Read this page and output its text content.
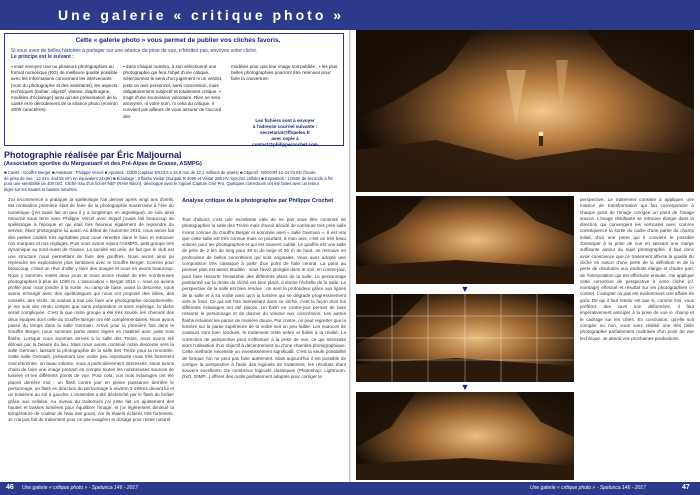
Une galerie « critique photo »
Cette « galerie photo » vous permet de publier vos clichés favoris.
Si vous avez de belles histoires à partager sur une séance de prise de vue, n'hésitez pas, envoyez votre cliché.
Le principe est le suivant :
▪ vous envoyez une ou plusieurs photographies au format numérique (RG) de meilleure qualité possible avec les informations concernant les intervenants (nom du photographe et des assistants), les aspects techniques (boîtier, objectif, vitesse, diaphragme, modèles d'éclairage) ainsi qu'une présentation de la cavité et le déroulement de la séance photo (environ 2000 caractères).
▪ dans chaque numéro, à son sélectionné une photographie qui fera l'objet d'une critique. Sélectionnez le sens d'un jugement ni un verdict, juste un avis personnel, sans concession, mais obligatoirement subjectif et totalement critique. ▪ s'agit d'une soumission volontaire. Rien ne sera anonyme, ni votre nom, ni celui du critique. Il convient par ailleurs de vous assurer de l'accord des
modèles pour que leur image soit publiée ; ▪ les plus belles photographies pourront être retenues pour faire la couverture.
Les fichiers sont à envoyer
à l'adresse courriel suivante :
secretariat@ffspeleo.fr
avec copie à
contact@philippecrochet.com
Photographie réalisée par Éric Maljournal
(Association sportive du Margueuaril et des Pré-Alpes de Grasse, ASMPG)
■ Cavité : Gouffre Berger ■ Assistant : Philippe Vercel ■ Appareil : D300 (capteur DX23,6 x 15,8 mm de 12,1 millions de pixels) ■ Objectif : NIKKOR 12-24 f/4 ED (focale
de prise de vue : 12 mm, soit 18 mm en équivalent 24x36) ■ Éclairage : 3 flashs Vivitar (Sunpak R-4000 et Vivitar 285 HV, synchro cellule) ■ Exposition : 1/250e de seconde à f/8
pour une sensibilité de 400 ISO. Cliché issu d'un fichier NEF (RAW Nikon), développé avec le logiciel Capture One Pro. Quelques corrections ont été faites avec un retour
léger sur les hautes et basses lumières.
J'ai recommencé à pratiquer la spéléologie l'an dernier après vingt ans d'arrêt. Ma motivation première était de faire de la photographie souterraine à l'ère du numérique (j'en avais fait un peu il y a longtemps en argentique). Je suis ainsi retourné sous terre avec Philippe Vercel avec lequel j'avais fait beaucoup de spéléologie à l'époque et qui était très heureux également de reprendre du service, étant photographe lui aussi. Au début de l'automne 2016, nous avons fait des petites cavités très agréables pour nous remettre dans le bain et retrouver nos marques et nos réglages. Puis nous avons rejoint l'ASMPG, petit groupe très dynamique au nord-ouest de Grasse. La société est unie, de fait que le club est une structure nous permettant de faire des gouffres. Nous avons ainsi pu reprendre les explorations plus lointaines avec le Gouffre Berger. Comme pour beaucoup, c'était un rêve d'aller y faire des images et nous en avons beaucoup. Nous y sommes restés deux jours et nous avons réalisé de très nombreuses photographies à plus de 1000 m. L'association « Berger 2015 », nous en avions profité pour nous joindre à la sortie. Au camp de base, avant la descente, nous avons échangé avec des spéléologues qui nous ont proposé des idées, des conseils, des récits. Je voulais à tout prix faire une photographie exceptionnelle, je me suis vite rendu compte que sans préparation et sans repérage, la tâche serait compliquée. C'est là que notre groupe a été très soudé, les chemins des deux équipes dont celle du Gouffre Berger ont été complémentaires. Nous avons passé du temps dans la salle Germain. Arrivé pour la première fois dans le Gouffre Berger, nous sommes partis assez légers en matériel avec juste trois flashs. Lorsque nous sommes arrivés à la salle des Treize, nous avons été éblouis par la beauté du lieu. Mais nous avons continué notre descente vers la salle Germain, laissant la photographie de la salle des Treize pour la remontée. Cette salle Germain, présentant une voûte peu importante mais très fortement concrétionnée, un beau volume, nous a particulièrement intéressés. Nous avons choisi de faire une image prenant en compte toutes les nombreuses sources de lumière et les différents points de vue. Pour cela, nos trois éclairages ont été placés derrière moi : un flash contre jour en pleine puissance derrière le personnage, un flash en direction du personnage à environ 3 mètres devant lui et un troisième au sol à gauche. L'ensemble a été déclenché par le flash du boîtier grâce aux cellules. Au niveau du traitement j'ai juste fait un ajustement des hautes et basses lumières pour équilibrer l'image, et j'ai légèrement diminué la température de couleur de l'eau des gours, car ils étaient éclairés très fortement. Je n'ai pas fait de traitement pour ne pas exagérer le dosage pour rester naturel.
Analyse critique de la photographie par Philippe Crochet
Tout d'abord, c'est une excellente idée de ne pas vous être contenté de photographier la salle des Treize mais d'avoir décidé de continuer très près salle moins connue du Gouffre Berger et nommée ainsi « salle Germain ». Il est vrai que cette salle est très connue mais ce pourtant, à mon avis, c'est un très beau volume pour les photographes et qui est souvent oublié. Le gouffre est une salle de près de 2 km de long pour 30 m de large et 50 m de haut, on retrouve en profondeur de belles concrétions qui sont originales. Vous avez adopté une composition très classique à partir d'un point de fuite central. La paroi au premier plan est assez étudiée : vous l'avez plongée dans le noir, en contre-jour, pour faire ressortir l'ensemble des différents plans de la salle. Le personnage positionné sur la droite du cliché est bien placé, il donne l'échelle de la salle. La perspective de la salle est bien rendue : on sent la profondeur grâce aux lignes de la salle et à sa voûte ainsi qu'à la lumière qui se dégrade progressivement vers le fond. Ce qui est très intéressant dans ce cliché, c'est la façon dont les différents éclairages ont été placés. Un flash en contre-jour permet de faire ressortir le personnage et de donner du volume aux concrétions. Les autres flashs éclairent les parois de manière douce. Par contre, on peut regretter que la lumière sur la partie supérieure de la voûte soit un peu faible. Les nuances de couleurs sont bien rendues, le traitement reste sobre et fidèle à la réalité. La correction de perspective peut s'effectuer à la prise de vue, ce qui nécessite alors l'utilisation d'un objectif à décentrement ou d'une chambre photographique. Cette méthode nécessite un investissement significatif. C'est la seule possibilité de lorsque l'on ne peut pas faire autrement. Mais aujourd'hui il est possible de corriger la perspective à l'aide des logiciels de traitement, les résultats étant souvent excellents. De nombreux logiciels classiques (Photoshop, Lightroom, DxO, GIMP...) offrent des outils parfaitement adaptés pour corriger la
▼
▼
perspective. Le traitement consiste à appliquer une matrice de transformation qui fait correspondre à chaque point de l'image corrigée un point de l'image source. L'image résultante se retrouve élargie dans la direction qui convergent les verticales avec comme conséquence la sortie du cadre d'une partie du champ initial, d'où une perte qui il convient le possible d'anticiper à la prise de vue en laissant une marge suffisante autour du sujet photographié. Il faut donc avoir conscience que ce traitement affecte la qualité du cliché en raison d'une perte de la définition et de la perte de résolution aux endroits élargis et d'autre part, de l'interpolation qui est effectuée ensuite. J'ai appliqué cette correction de perspective à votre cliché (cf. montage) effectué et résultat sur les photographies ci-contre). L'adopter ou pas est évidemment une affaire de goût. De qui il faut retenir est que si, comme moi, vous préférez des vues non déformées, il faut impérativement anticiper à la prise de vue le champ et le cadrage sur les côtés. En conclusion, qu'elle soit corrigée ou non, vous avez réalisé une très belle photographie parfaitement maîtrisée d'un point de vue technique. Je attend vos prochaines productions.
46 Une galerie « critique photo » - Spelunca 146 - 2017	Une galerie « critique photo » - Spelunca 146 - 2017	47
